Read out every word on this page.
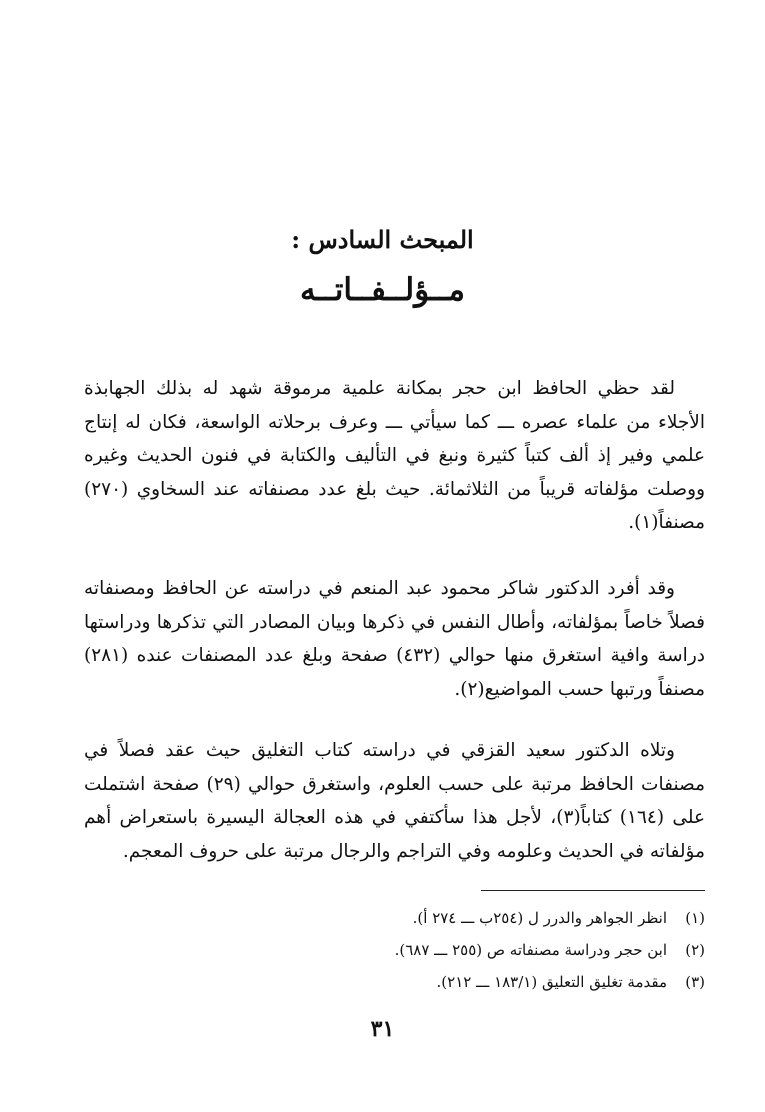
المبحث السادس :
مــؤلــفــاتــه

لقد حظي الحافظ ابن حجر بمكانة علمية مرموقة شهد له بذلك الجهابذة الأجلاء من علماء عصره ـــ كما سيأتي ـــ وعرف برحلاته الواسعة، فكان له إنتاج علمي وفير إذ ألف كتباً كثيرة ونبغ في التأليف والكتابة في فنون الحديث وغيره ووصلت مؤلفاته قريباً من الثلاثمائة. حيث بلغ عدد مصنفاته عند السخاوي (٢٧٠) مصنفاً(١).

وقد أفرد الدكتور شاكر محمود عبد المنعم في دراسته عن الحافظ ومصنفاته فصلاً خاصاً بمؤلفاته، وأطال النفس في ذكرها وبيان المصادر التي تذكرها ودراستها دراسة وافية استغرق منها حوالي (٤٣٢) صفحة وبلغ عدد المصنفات عنده (٢٨١) مصنفاً ورتبها حسب المواضيع(٢).

وتلاه الدكتور سعيد القزقي في دراسته كتاب التغليق حيث عقد فصلاً في مصنفات الحافظ مرتبة على حسب العلوم، واستغرق حوالي (٢٩) صفحة اشتملت على (١٦٤) كتاباً(٣)، لأجل هذا سأكتفي في هذه العجالة اليسيرة باستعراض أهم مؤلفاته في الحديث وعلومه وفي التراجم والرجال مرتبة على حروف المعجم.

(١)انظر الجواهر والدرر ل (٢٥٤ب ـــ ٢٧٤ أ).
(٢)ابن حجر ودراسة مصنفاته ص (٢٥٥ ـــ ٦٨٧).
(٣)مقدمة تغليق التعليق (١٨٣/١ ـــ ٢١٢).
٣١
